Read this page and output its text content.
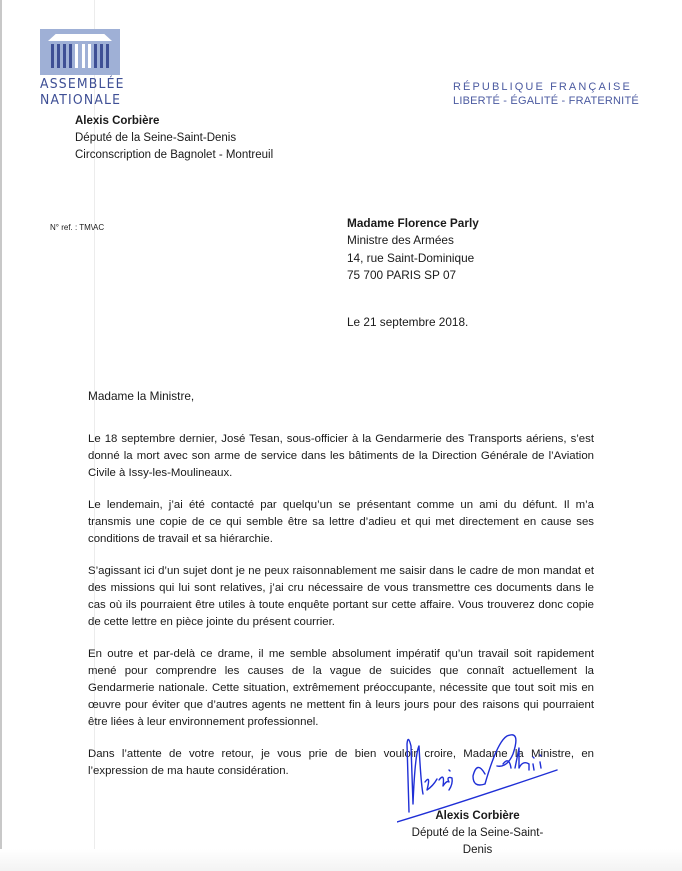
ASSEMBLÉE
NATIONALE
RÉPUBLIQUE FRANÇAISE
LIBERTÉ - ÉGALITÉ - FRATERNITÉ
Alexis Corbière
Député de la Seine-Saint-Denis
Circonscription de Bagnolet - Montreuil
N° ref. : TM\AC	Madame Florence Parly
Ministre des Armées
14, rue Saint-Dominique
75 700 PARIS SP 07
Le 21 septembre 2018.
Madame la Ministre,

Le 18 septembre dernier, José Tesan, sous-officier à la Gendarmerie des Transports aériens, s’est donné la mort avec son arme de service dans les bâtiments de la Direction Générale de l’Aviation Civile à Issy-les-Moulineaux.

Le lendemain, j’ai été contacté par quelqu’un se présentant comme un ami du défunt. Il m’a transmis une copie de ce qui semble être sa lettre d’adieu et qui met directement en cause ses conditions de travail et sa hiérarchie.

S’agissant ici d’un sujet dont je ne peux raisonnablement me saisir dans le cadre de mon mandat et des missions qui lui sont relatives, j’ai cru nécessaire de vous transmettre ces documents dans le cas où ils pourraient être utiles à toute enquête portant sur cette affaire. Vous trouverez donc copie de cette lettre en pièce jointe du présent courrier.

En outre et par-delà ce drame, il me semble absolument impératif qu’un travail soit rapidement mené pour comprendre les causes de la vague de suicides que connaît actuellement la Gendarmerie nationale. Cette situation, extrêmement préoccupante, nécessite que tout soit mis en œuvre pour éviter que d’autres agents ne mettent fin à leurs jours pour des raisons qui pourraient être liées à leur environnement professionnel.

Dans l’attente de votre retour, je vous prie de bien vouloir croire, Madame la Ministre, en l’expression de ma haute considération.

Alexis Corbière
Député de la Seine-Saint-Denis
